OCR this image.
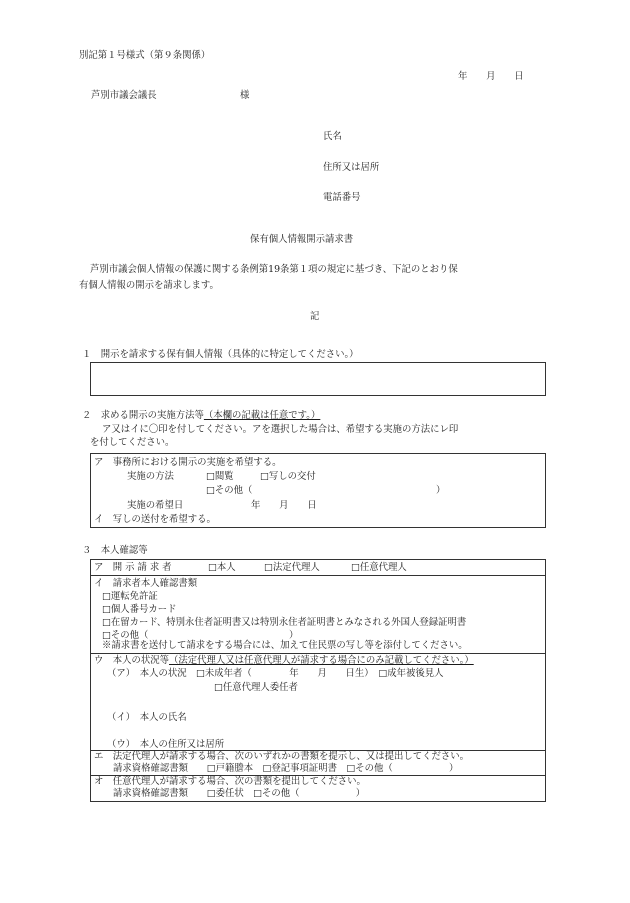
別記第１号様式（第９条関係）
年　　月　　日
芦別市議会議長	様
氏名
住所又は居所
電話番号
保有個人情報開示請求書
芦別市議会個人情報の保護に関する条例第19条第１項の規定に基づき、下記のとおり保
有個人情報の開示を請求します。
記
１　開示を請求する保有個人情報（具体的に特定してください。）
２　求める開示の実施方法等（本欄の記載は任意です。）
ア又はイに〇印を付してください。アを選択した場合は、希望する実施の方法にレ印
を付してください。
ア　事務所における開示の実施を希望する。
実施の方法	□閲覧	□写しの交付
□その他（	）
実施の希望日	年　　月　　日
イ　写しの送付を希望する。
３　本人確認等
ア　開 示 請 求 者	□本人	□法定代理人	□任意代理人
イ　請求者本人確認書類
□運転免許証
□個人番号カード
□在留カード、特別永住者証明書又は特別永住者証明書とみなされる外国人登録証明書
□その他（　　　　　　　　　　　　　　　）
※請求書を送付して請求をする場合には、加えて住民票の写し等を添付してください。
ウ　本人の状況等（法定代理人又は任意代理人が請求する場合にのみ記載してください。）
（ア）　本人の状況　□未成年者（　　　　年　　月　　日生）　□成年被後見人
□任意代理人委任者
（イ）　本人の氏名
（ウ）　本人の住所又は居所
エ　法定代理人が請求する場合、次のいずれかの書類を提示し、又は提出してください。
請求資格確認書類　　□戸籍謄本　□登記事項証明書　□その他（　　　　　　）
オ　任意代理人が請求する場合、次の書類を提出してください。
請求資格確認書類　　□委任状　□その他（　　　　　　）
